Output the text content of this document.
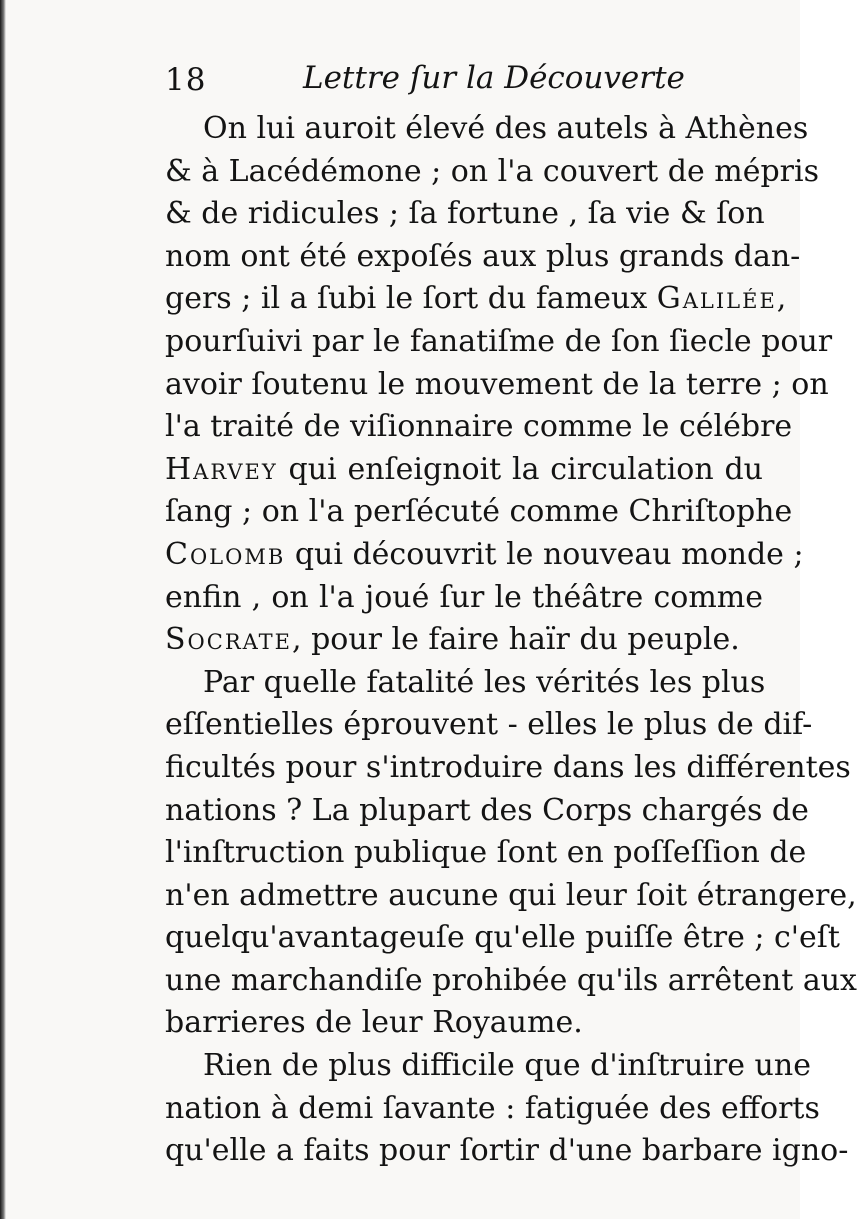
18	Lettre ſur la Découverte
On lui auroit élevé des autels à Athènes
& à Lacédémone ; on l'a couvert de mépris
& de ridicules ; ſa fortune , ſa vie & ſon
nom ont été expoſés aux plus grands dan-
gers ; il a ſubi le ſort du fameux Galilée,
pourſuivi par le fanatiſme de ſon ſiecle pour
avoir ſoutenu le mouvement de la terre ; on
l'a traité de viſionnaire comme le célébre
Harvey qui enſeignoit la circulation du
ſang ; on l'a perſécuté comme Chriſtophe
Colomb qui découvrit le nouveau monde ;
enfin , on l'a joué ſur le théâtre comme
Socrate, pour le faire haïr du peuple.
Par quelle fatalité les vérités les plus
eſſentielles éprouvent - elles le plus de dif-
ficultés pour s'introduire dans les différentes
nations ? La plupart des Corps chargés de
l'inſtruction publique ſont en poſſeſſion de
n'en admettre aucune qui leur ſoit étrangere,
quelqu'avantageuſe qu'elle puiſſe être ; c'eſt
une marchandiſe prohibée qu'ils arrêtent aux
barrieres de leur Royaume.
Rien de plus difficile que d'inſtruire une
nation à demi ſavante : fatiguée des efforts
qu'elle a faits pour ſortir d'une barbare igno-
